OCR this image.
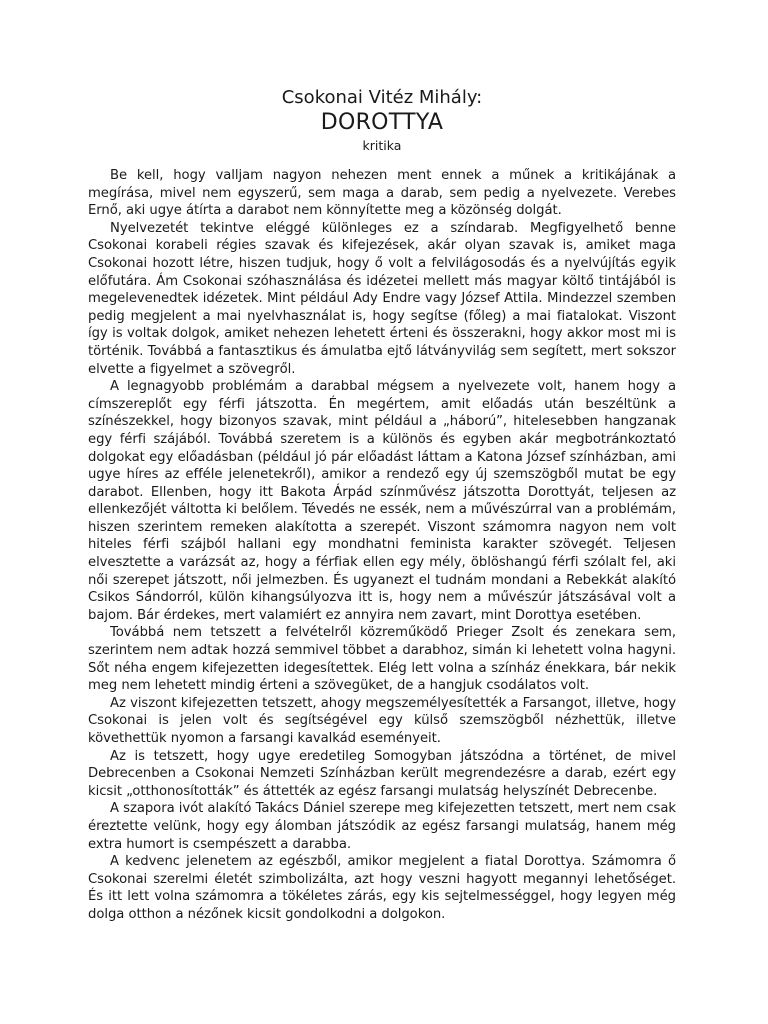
Csokonai Vitéz Mihály:
DOROTTYA
kritika

Be kell, hogy valljam nagyon nehezen ment ennek a műnek a kritikájának a megírása, mivel nem egyszerű, sem maga a darab, sem pedig a nyelvezete. Verebes Ernő, aki ugye átírta a darabot nem könnyítette meg a közönség dolgát.

Nyelvezetét tekintve eléggé különleges ez a színdarab. Megfigyelhető benne Csokonai korabeli régies szavak és kifejezések, akár olyan szavak is, amiket maga Csokonai hozott létre, hiszen tudjuk, hogy ő volt a felvilágosodás és a nyelvújítás egyik előfutára. Ám Csokonai szóhasználása és idézetei mellett más magyar költő tintájából is megelevenedtek idézetek. Mint például Ady Endre vagy József Attila. Mindezzel szemben pedig megjelent a mai nyelvhasználat is, hogy segítse (főleg) a mai fiatalokat. Viszont így is voltak dolgok, amiket nehezen lehetett érteni és összerakni, hogy akkor most mi is történik. Továbbá a fantasztikus és ámulatba ejtő látványvilág sem segített, mert sokszor elvette a figyelmet a szövegről.

A legnagyobb problémám a darabbal mégsem a nyelvezete volt, hanem hogy a címszereplőt egy férfi játszotta. Én megértem, amit előadás után beszéltünk a színészekkel, hogy bizonyos szavak, mint például a „háború”, hitelesebben hangzanak egy férfi szájából. Továbbá szeretem is a különös és egyben akár megbotránkoztató dolgokat egy előadásban (például jó pár előadást láttam a Katona József színházban, ami ugye híres az efféle jelenetekről), amikor a rendező egy új szemszögből mutat be egy darabot. Ellenben, hogy itt Bakota Árpád színművész játszotta Dorottyát, teljesen az ellenkezőjét váltotta ki belőlem. Tévedés ne essék, nem a művészúrral van a problémám, hiszen szerintem remeken alakította a szerepét. Viszont számomra nagyon nem volt hiteles férfi szájból hallani egy mondhatni feminista karakter szövegét. Teljesen elvesztette a varázsát az, hogy a férfiak ellen egy mély, öblöshangú férfi szólalt fel, aki női szerepet játszott, női jelmezben. És ugyanezt el tudnám mondani a Rebekkát alakító Csikos Sándorról, külön kihangsúlyozva itt is, hogy nem a művészúr játszásával volt a bajom. Bár érdekes, mert valamiért ez annyira nem zavart, mint Dorottya esetében.

Továbbá nem tetszett a felvételről közreműködő Prieger Zsolt és zenekara sem, szerintem nem adtak hozzá semmivel többet a darabhoz, simán ki lehetett volna hagyni. Sőt néha engem kifejezetten idegesítettek. Elég lett volna a színház énekkara, bár nekik meg nem lehetett mindig érteni a szövegüket, de a hangjuk csodálatos volt.

Az viszont kifejezetten tetszett, ahogy megszemélyesítették a Farsangot, illetve, hogy Csokonai is jelen volt és segítségével egy külső szemszögből nézhettük, illetve követhettük nyomon a farsangi kavalkád eseményeit.

Az is tetszett, hogy ugye eredetileg Somogyban játszódna a történet, de mivel Debrecenben a Csokonai Nemzeti Színházban került megrendezésre a darab, ezért egy kicsit „otthonosították” és áttették az egész farsangi mulatság helyszínét Debrecenbe.

A szapora ivót alakító Takács Dániel szerepe meg kifejezetten tetszett, mert nem csak éreztette velünk, hogy egy álomban játszódik az egész farsangi mulatság, hanem még extra humort is csempészett a darabba.

A kedvenc jelenetem az egészből, amikor megjelent a fiatal Dorottya. Számomra ő Csokonai szerelmi életét szimbolizálta, azt hogy veszni hagyott megannyi lehetőséget. És itt lett volna számomra a tökéletes zárás, egy kis sejtelmességgel, hogy legyen még dolga otthon a nézőnek kicsit gondolkodni a dolgokon.
